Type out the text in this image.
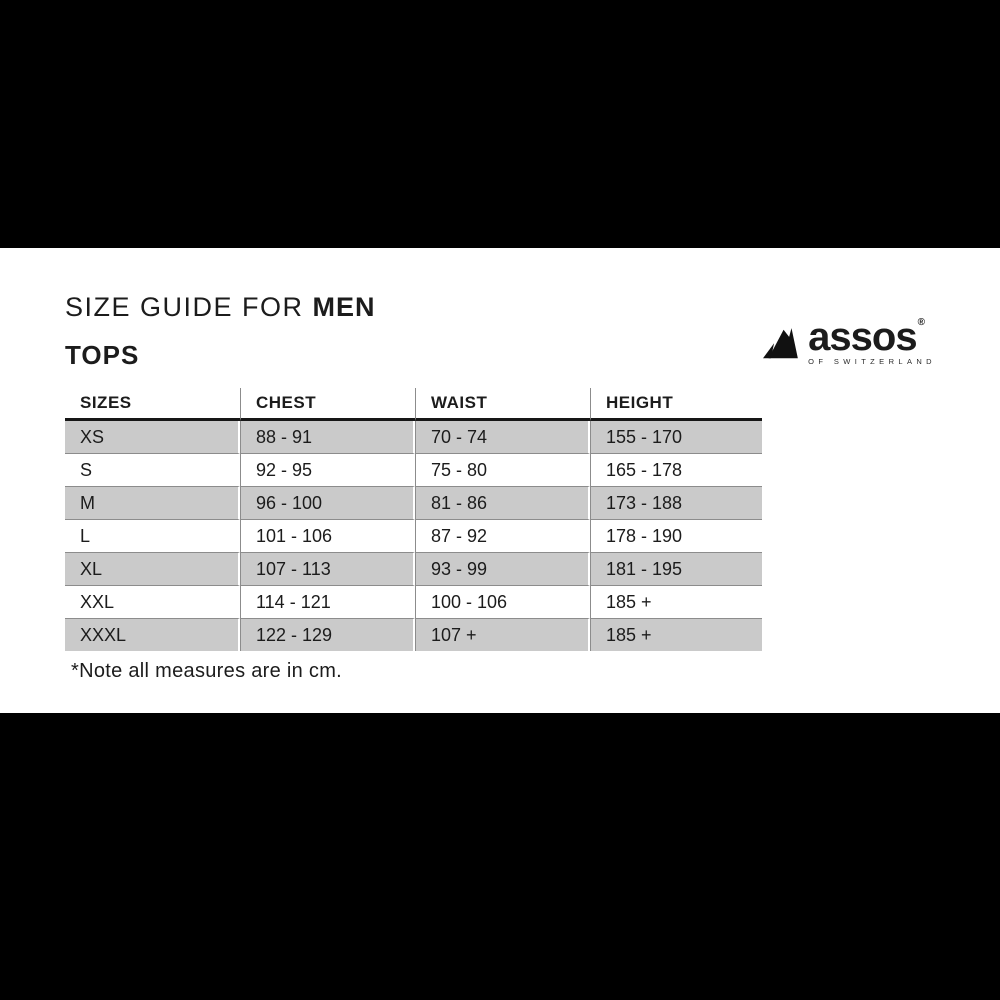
SIZE GUIDE FOR MEN
TOPS	assos ®
OF SWITZERLAND
SIZES	CHEST	WAIST	HEIGHT
XS	88 - 91	70 - 74	155 - 170
S	92 - 95	75 - 80	165 - 178
M	96 - 100	81 - 86	173 - 188
L	101 - 106	87 - 92	178 - 190
XL	107 - 113	93 - 99	181 - 195
XXL	114 - 121	100 - 106	185 +
XXXL	122 - 129	107 +	185 +
*Note all measures are in cm.
